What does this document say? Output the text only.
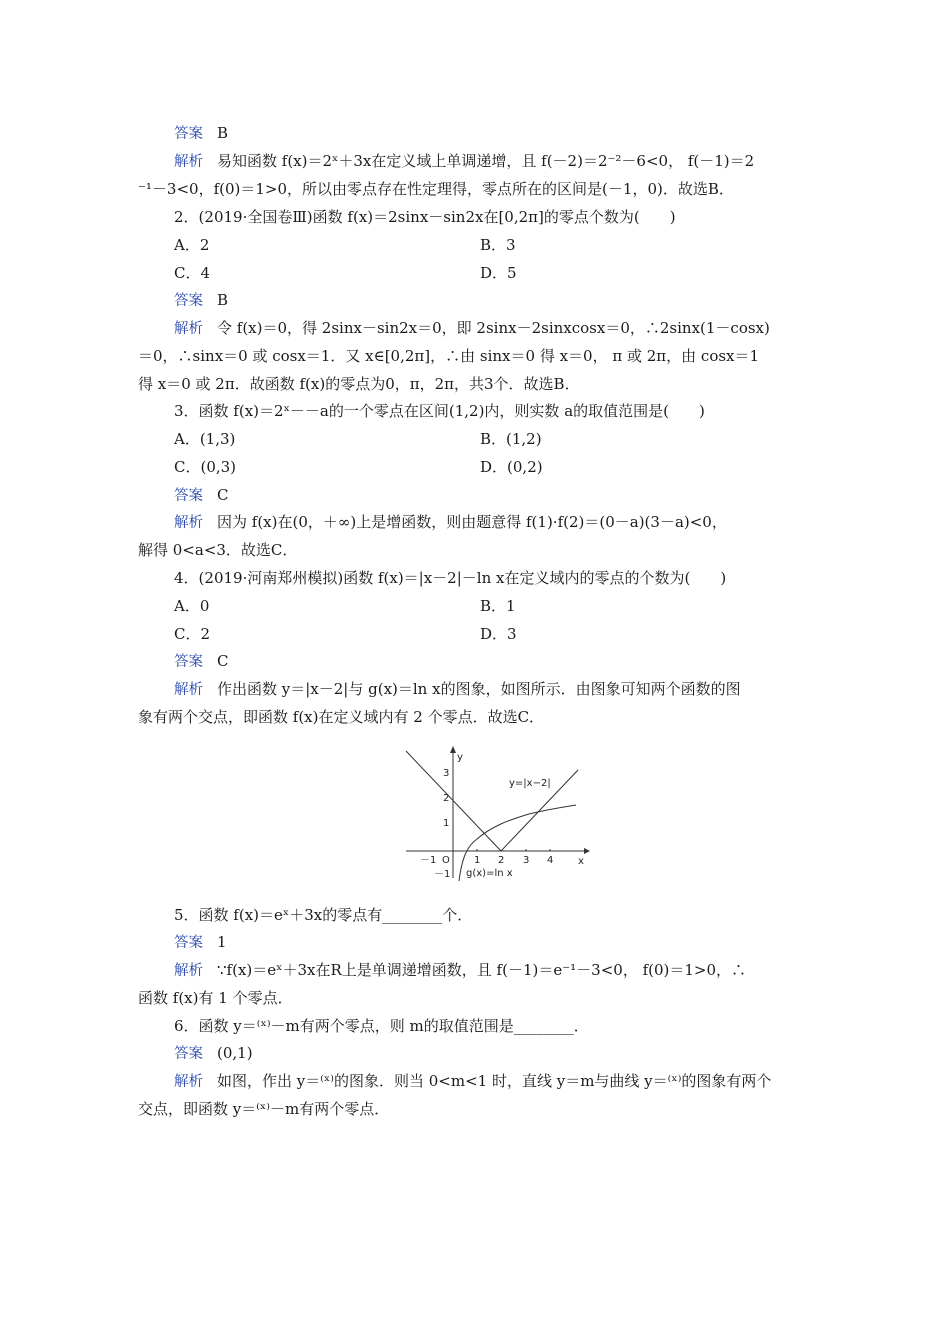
答案 B
解析 易知函数 f(x)＝2ˣ＋3x在定义域上单调递增，且 f(－2)＝2⁻²－6<0， f(－1)＝2
⁻¹－3<0，f(0)＝1>0，所以由零点存在性定理得，零点所在的区间是(－1，0)．故选B．
2．(2019·全国卷Ⅲ)函数 f(x)＝2sinx－sin2x在[0,2π]的零点个数为(　　)
A．2	B．3
C．4	D．5
答案 B
解析 令 f(x)＝0，得 2sinx－sin2x＝0，即 2sinx－2sinxcosx＝0，∴2sinx(1－cosx)
＝0，∴sinx＝0 或 cosx＝1．又 x∈[0,2π]，∴由 sinx＝0 得 x＝0， π 或 2π，由 cosx＝1
得 x＝0 或 2π．故函数 f(x)的零点为0，π，2π，共3个．故选B．
3．函数 f(x)＝2ˣ－－a的一个零点在区间(1,2)内，则实数 a的取值范围是(　　)
A．(1,3)	B．(1,2)
C．(0,3)	D．(0,2)
答案 C
解析 因为 f(x)在(0，＋∞)上是增函数，则由题意得 f(1)·f(2)＝(0－a)(3－a)<0，
解得 0<a<3．故选C．
4．(2019·河南郑州模拟)函数 f(x)＝|x－2|－ln x在定义域内的零点的个数为(　　)
A．0	B．1
C．2	D．3
答案 C
解析 作出函数 y＝|x－2|与 g(x)＝ln x的图象，如图所示．由图象可知两个函数的图
象有两个交点，即函数 f(x)在定义域内有 2 个零点．故选C．
y
x
O
－1	1 2 3 4
3
2
1
－1
y=|x−2|
g(x)=ln x
5．函数 f(x)＝eˣ＋3x的零点有________个．
答案 1
解析 ∵f(x)＝eˣ＋3x在R上是单调递增函数，且 f(－1)＝e⁻¹－3<0， f(0)＝1>0，∴
函数 f(x)有 1 个零点．
6．函数 y＝⁽ˣ⁾－m有两个零点，则 m的取值范围是________．
答案 (0,1)
解析 如图，作出 y＝⁽ˣ⁾的图象．则当 0<m<1 时，直线 y＝m与曲线 y＝⁽ˣ⁾的图象有两个
交点，即函数 y＝⁽ˣ⁾－m有两个零点．
